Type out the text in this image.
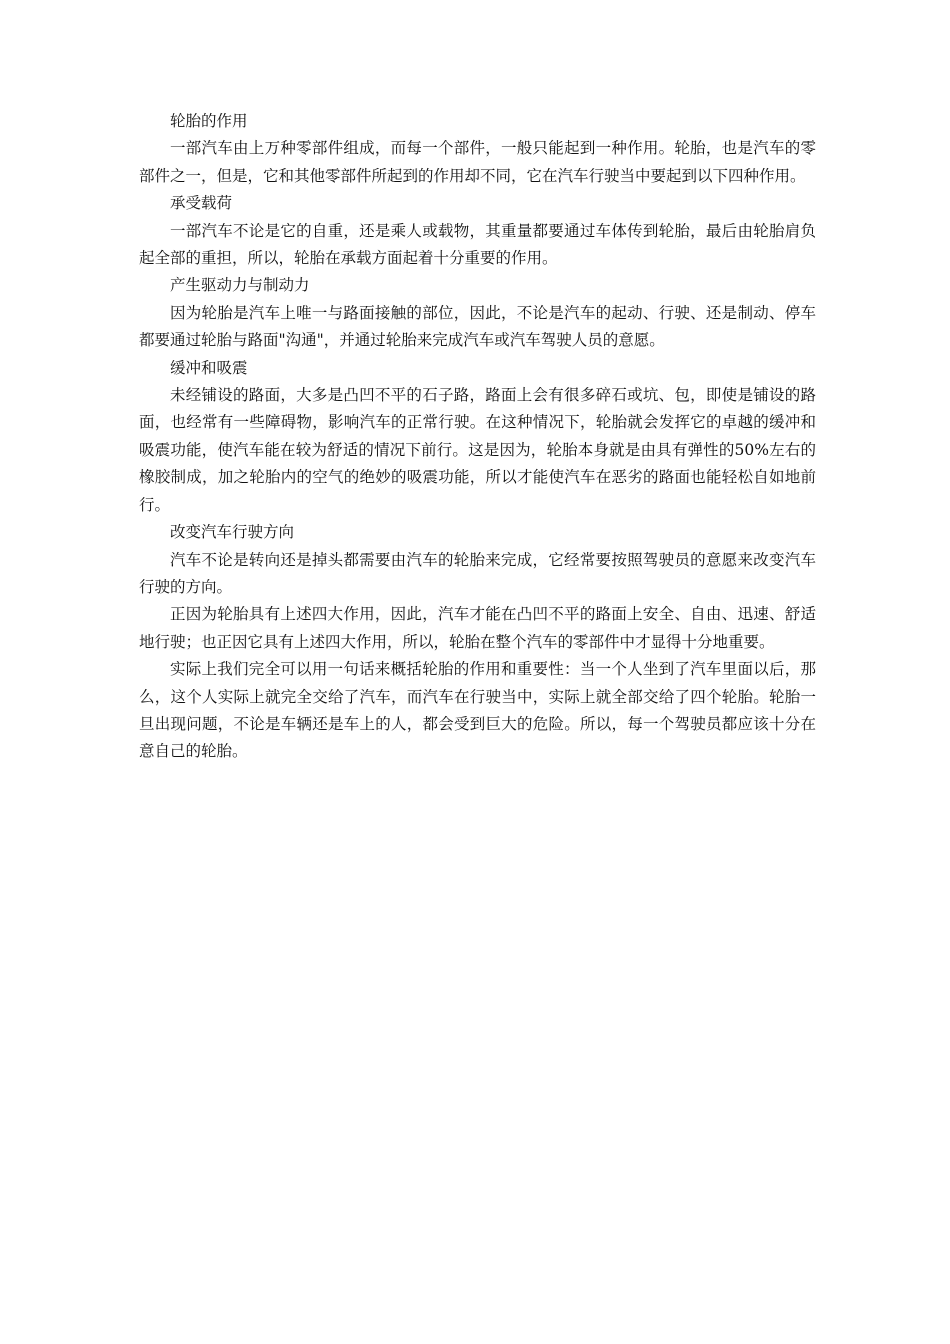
轮胎的作用

一部汽车由上万种零部件组成，而每一个部件，一般只能起到一种作用。轮胎，也是汽车的零部件之一，但是，它和其他零部件所起到的作用却不同，它在汽车行驶当中要起到以下四种作用。

承受载荷

一部汽车不论是它的自重，还是乘人或载物，其重量都要通过车体传到轮胎，最后由轮胎肩负起全部的重担，所以，轮胎在承载方面起着十分重要的作用。

产生驱动力与制动力

因为轮胎是汽车上唯一与路面接触的部位，因此，不论是汽车的起动、行驶、还是制动、停车都要通过轮胎与路面"沟通"，并通过轮胎来完成汽车或汽车驾驶人员的意愿。

缓冲和吸震

未经铺设的路面，大多是凸凹不平的石子路，路面上会有很多碎石或坑、包，即使是铺设的路面，也经常有一些障碍物，影响汽车的正常行驶。在这种情况下，轮胎就会发挥它的卓越的缓冲和吸震功能，使汽车能在较为舒适的情况下前行。这是因为，轮胎本身就是由具有弹性的50%左右的橡胶制成，加之轮胎内的空气的绝妙的吸震功能，所以才能使汽车在恶劣的路面也能轻松自如地前行。

改变汽车行驶方向

汽车不论是转向还是掉头都需要由汽车的轮胎来完成，它经常要按照驾驶员的意愿来改变汽车行驶的方向。

正因为轮胎具有上述四大作用，因此，汽车才能在凸凹不平的路面上安全、自由、迅速、舒适地行驶；也正因它具有上述四大作用，所以，轮胎在整个汽车的零部件中才显得十分地重要。

实际上我们完全可以用一句话来概括轮胎的作用和重要性：当一个人坐到了汽车里面以后，那么，这个人实际上就完全交给了汽车，而汽车在行驶当中，实际上就全部交给了四个轮胎。轮胎一旦出现问题，不论是车辆还是车上的人，都会受到巨大的危险。所以，每一个驾驶员都应该十分在意自己的轮胎。
